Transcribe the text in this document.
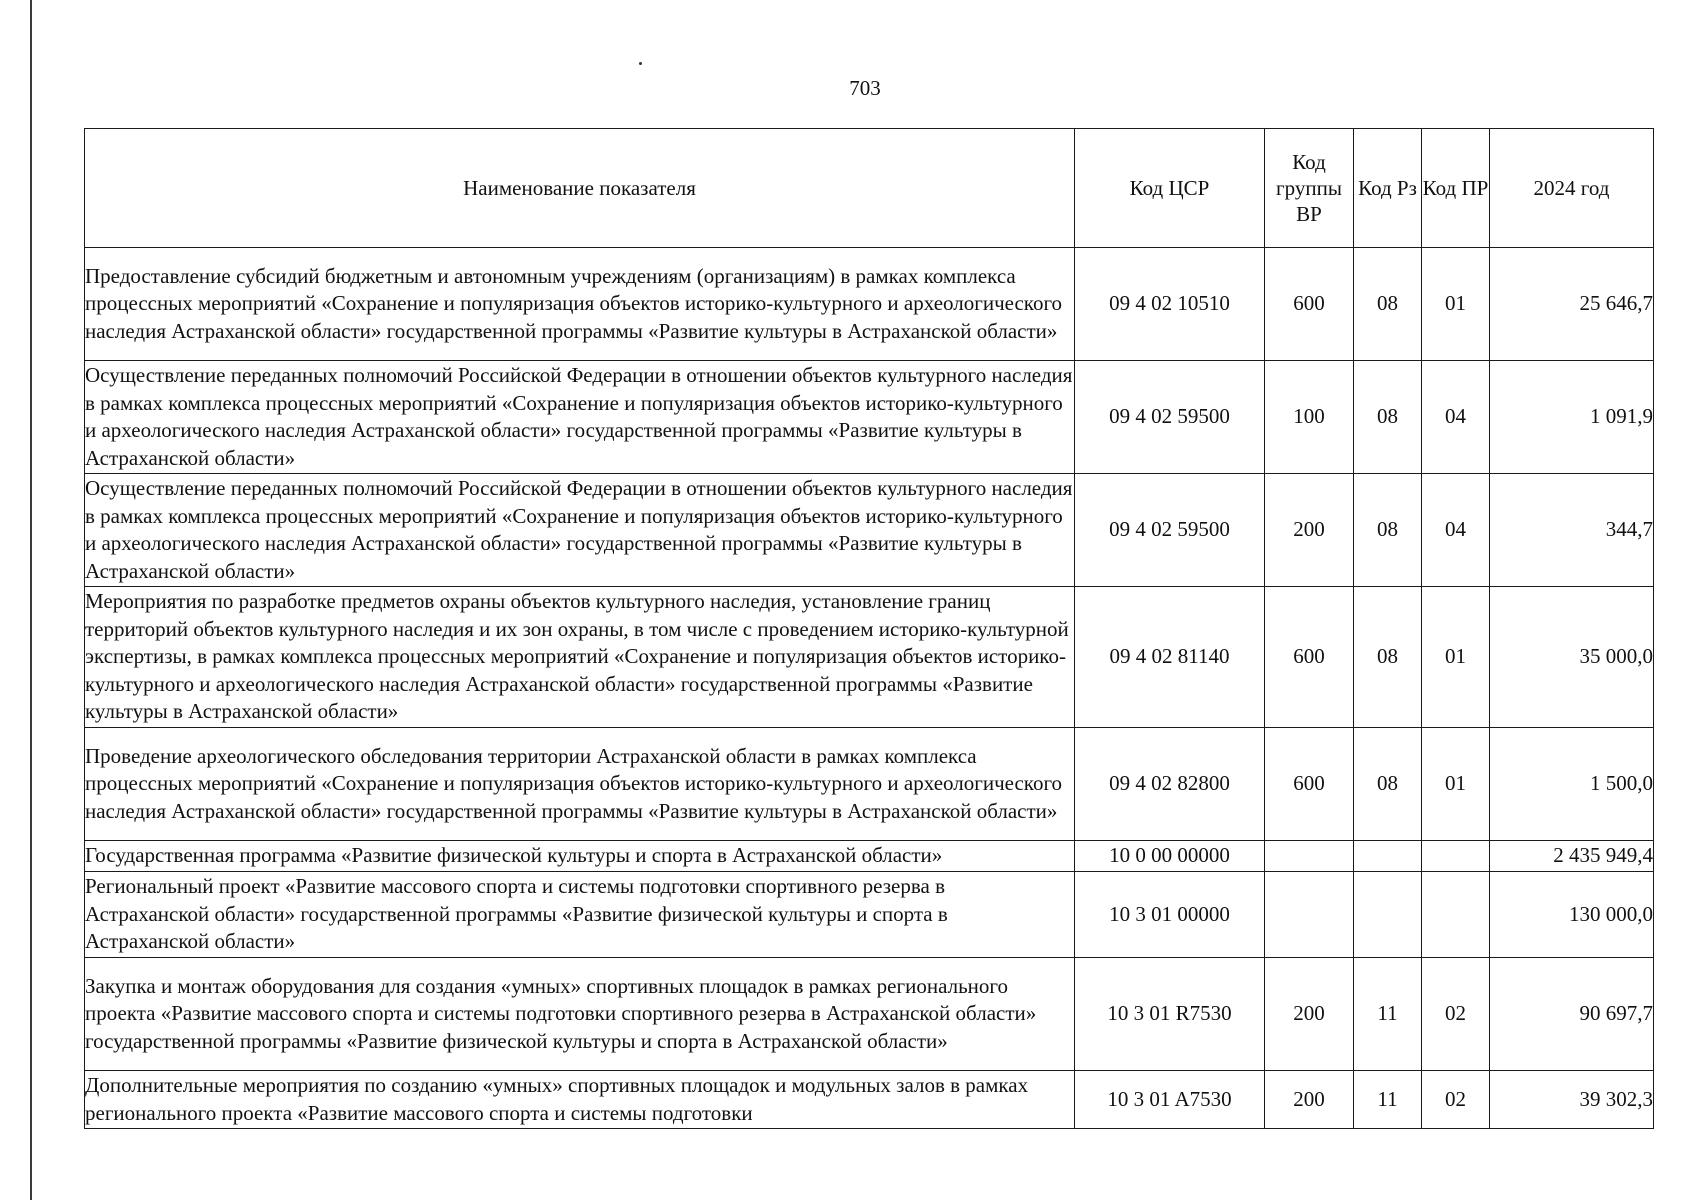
703
Наименование показателя	Код ЦСР	Код группы ВР	Код Рз	Код ПР	2024 год
Предоставление субсидий бюджетным и автономным учреждениям (организациям) в рамках комплекса процессных мероприятий «Сохранение и популяризация объектов историко-культурного и археологического наследия Астраханской области» государственной программы «Развитие культуры в Астраханской области»	09 4 02 10510	600	08	01	25 646,7
Осуществление переданных полномочий Российской Федерации в отношении объектов культурного наследия в рамках комплекса процессных мероприятий «Сохранение и популяризация объектов историко-культурного и археологического наследия Астраханской области» государственной программы «Развитие культуры в Астраханской области»	09 4 02 59500	100	08	04	1 091,9
Осуществление переданных полномочий Российской Федерации в отношении объектов культурного наследия в рамках комплекса процессных мероприятий «Сохранение и популяризация объектов историко-культурного и археологического наследия Астраханской области» государственной программы «Развитие культуры в Астраханской области»	09 4 02 59500	200	08	04	344,7
Мероприятия по разработке предметов охраны объектов культурного наследия, установление границ территорий объектов культурного наследия и их зон охраны, в том числе с проведением историко-культурной экспертизы, в рамках комплекса процессных мероприятий «Сохранение и популяризация объектов историко-культурного и археологического наследия Астраханской области» государственной программы «Развитие культуры в Астраханской области»	09 4 02 81140	600	08	01	35 000,0
Проведение археологического обследования территории Астраханской области в рамках комплекса процессных мероприятий «Сохранение и популяризация объектов историко-культурного и археологического наследия Астраханской области» государственной программы «Развитие культуры в Астраханской области»	09 4 02 82800	600	08	01	1 500,0
Государственная программа «Развитие физической культуры и спорта в Астраханской области»	10 0 00 00000				2 435 949,4
Региональный проект «Развитие массового спорта и системы подготовки спортивного резерва в Астраханской области» государственной программы «Развитие физической культуры и спорта в Астраханской области»	10 3 01 00000				130 000,0
Закупка и монтаж оборудования для создания «умных» спортивных площадок в рамках регионального проекта «Развитие массового спорта и системы подготовки спортивного резерва в Астраханской области» государственной программы «Развитие физической культуры и спорта в Астраханской области»	10 3 01 R7530	200	11	02	90 697,7
Дополнительные мероприятия по созданию «умных» спортивных площадок и модульных залов в рамках регионального проекта «Развитие массового спорта и системы подготовки	10 3 01 A7530	200	11	02	39 302,3
